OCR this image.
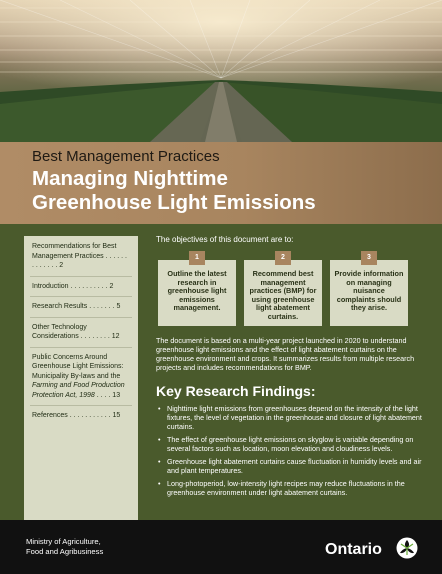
Best Management Practices
Managing Nighttime
Greenhouse Light Emissions
Recommendations for Best Management Practices . . . . . . . . . . . . . 2
Introduction . . . . . . . . . . 2
Research Results . . . . . . . 5
Other Technology Considerations . . . . . . . . 12
Public Concerns Around Greenhouse Light Emissions: Municipality By-laws and the Farming and Food Production Protection Act, 1998 . . . . 13
References . . . . . . . . . . . 15
The objectives of this document are to:
1
Outline the latest research in greenhouse light emissions management.
2
Recommend best management practices (BMP) for using greenhouse light abatement curtains.
3
Provide information on managing nuisance complaints should they arise.
The document is based on a multi-year project launched in 2020 to understand greenhouse light emissions and the effect of light abatement curtains on the greenhouse environment and crops. It summarizes results from multiple research projects and includes recommendations for BMP.
Key Research Findings:
• Nighttime light emissions from greenhouses depend on the intensity of the light fixtures, the level of vegetation in the greenhouse and closure of light abatement curtains.
• The effect of greenhouse light emissions on skyglow is variable depending on several factors such as location, moon elevation and cloudiness levels.
• Greenhouse light abatement curtains cause fluctuation in humidity levels and air and plant temperatures.
• Long-photoperiod, low-intensity light recipes may reduce fluctuations in the greenhouse environment under light abatement curtains.
Ministry of Agriculture,
Food and Agribusiness	Ontario
